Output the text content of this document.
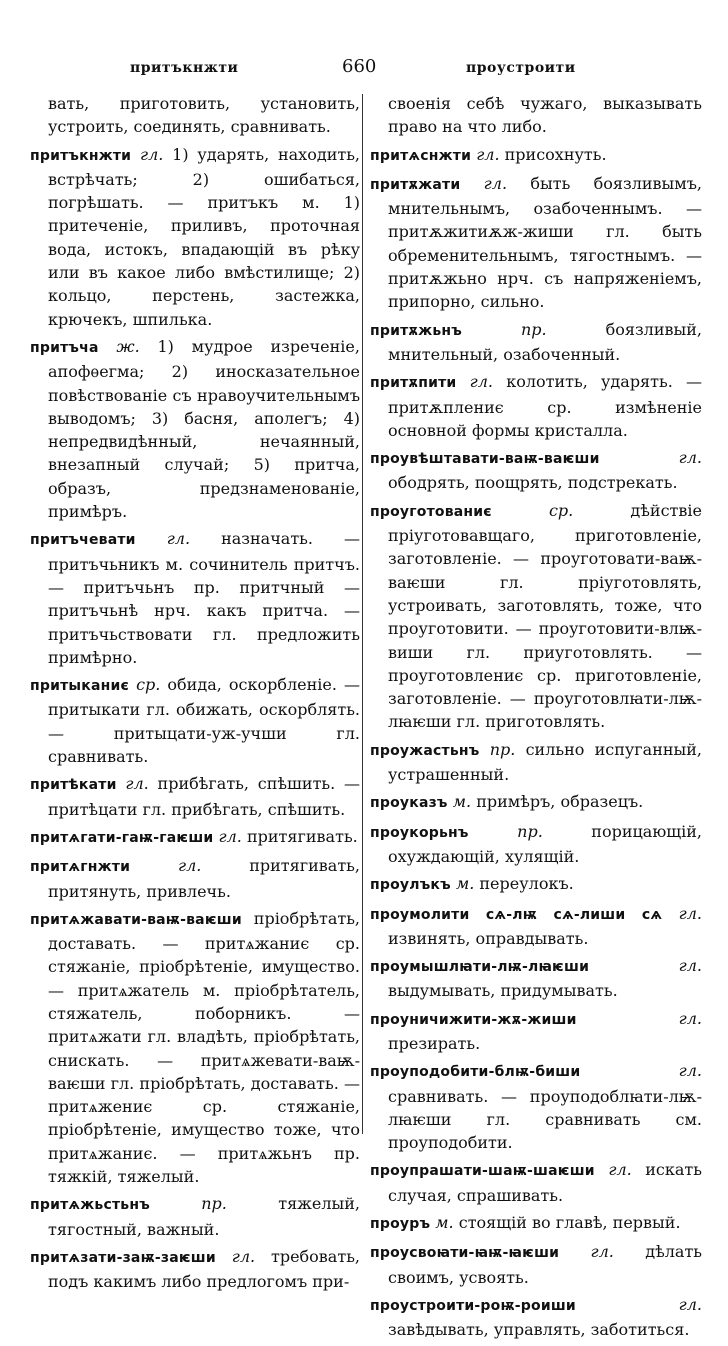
притъкнжти	660	проустроити

вать, приготовить, установить, устроить, соединять, сравнивать.

притъкнжти гл. 1) ударять, находить, встрѣчать; 2) ошибаться, погрѣшать. — притъкъ м. 1) притеченіе, приливъ, проточная вода, истокъ, впадающій въ рѣку или въ какое либо вмѣстилище; 2) кольцо, перстень, застежка, крючекъ, шпилька.

притъча ж. 1) мудрое изреченіе, апофѳегма; 2) иносказательное повѣствованіе съ нравоучительнымъ выводомъ; 3) басня, аполегъ; 4) непредвидѣнный, нечаянный, внезапный случай; 5) притча, образъ, предзнаменованіе, примѣръ.

притъчевати гл. назначать. — притъчьникъ м. сочинитель притчъ. — притъчьнъ пр. притчный — притъчьнѣ нрч. какъ притча. — притъчьствовати гл. предложить примѣрно.

притыканиє ср. обида, оскорбленіе. — притыкати гл. обижать, оскорблять. — притыцати-уж-учши гл. сравнивать.

притѣкати гл. прибѣгать, спѣшить. — притѣцати гл. прибѣгать, спѣшить.

притѧгати-гаѭ-гаѥши гл. притягивать.

притѧгнжти	гл.	притягивать, притянуть, привлечь.

притѧжавати-ваѭ-ваѥши пріобрѣтать, доставать. — притѧжаниє ср. стяжаніе, пріобрѣтеніе, имущество. — притѧжатель м. пріобрѣтатель, стяжатель, поборникъ. — притѧжати гл. владѣть, пріобрѣтать, снискать. — притѧжевати-ваѭ-ваѥши гл. пріобрѣтать, доставать. — притѧжениє ср. стяжаніе, пріобрѣтеніе, имущество тоже, что притѧжаниє. — притѧжьнъ пр. тяжкій, тяжелый.

притѧжьстьнъ	пр.	тяжелый, тягостный, важный.

притѧзати-заѭ-заѥши гл. требовать, подъ какимъ либо предлогомъ при-

своенія себѣ чужаго, выказывать право на что либо.

притѧснжти гл. присохнуть.

притѫжати гл. быть боязливымъ, мнительнымъ, озабоченнымъ. — притѫжитиѫж-жиши гл. быть обременительнымъ, тягостнымъ. — притѫжьно нрч. съ напряженіемъ, припорно, сильно.

притѫжьнъ	пр.	боязливый, мнительный, озабоченный.

притѫпити гл. колотить, ударять. — притѫплениє ср. измѣненіе основной формы кристалла.

проувѣштавати-ваѭ-ваѥши	гл. ободрять, поощрять, подстрекать.

проуготованиє	ср.	дѣйствіе пріуготовавщаго, приготовленіе, заготовленіе. — проуготовати-ваѭ-ваѥши гл. пріуготовлять, устроивать, заготовлять, тоже, что проуготовити. — проуготовити-влѭ-виши гл. приуготовлять. — проуготовлениє ср. приготовленіе, заготовленіе. — проуготовлꙗти-лѭ-лꙗѥши гл. приготовлять.

проужастьнъ пр. сильно испуганный, устрашенный.

проуказъ м. примѣръ, образецъ.

проукорьнъ	пр.	порицающій, охуждающій, хулящій.

проулъкъ м. переулокъ.

проумолити сѧ-лѭ сѧ-лиши сѧ гл. извинять, оправдывать.

проумышлꙗти-лѭ-лꙗѥши	гл. выдумывать, придумывать.

проуничижити-жѫ-жиши	гл. презирать.

проуподобити-блѭ-биши	гл. сравнивать. — проуподоблꙗти-лѭ-лꙗѥши гл. сравнивать см. проуподобити.

проупрашати-шаѭ-шаѥши гл. искать случая, спрашивать.

проуръ м. стоящій во главѣ, первый.

проусвоꙗти-ꙗѭ-ꙗѥши гл. дѣлать своимъ, усвоять.

проустроити-роѭ-роиши	гл. завѣдывать, управлять, заботиться.
